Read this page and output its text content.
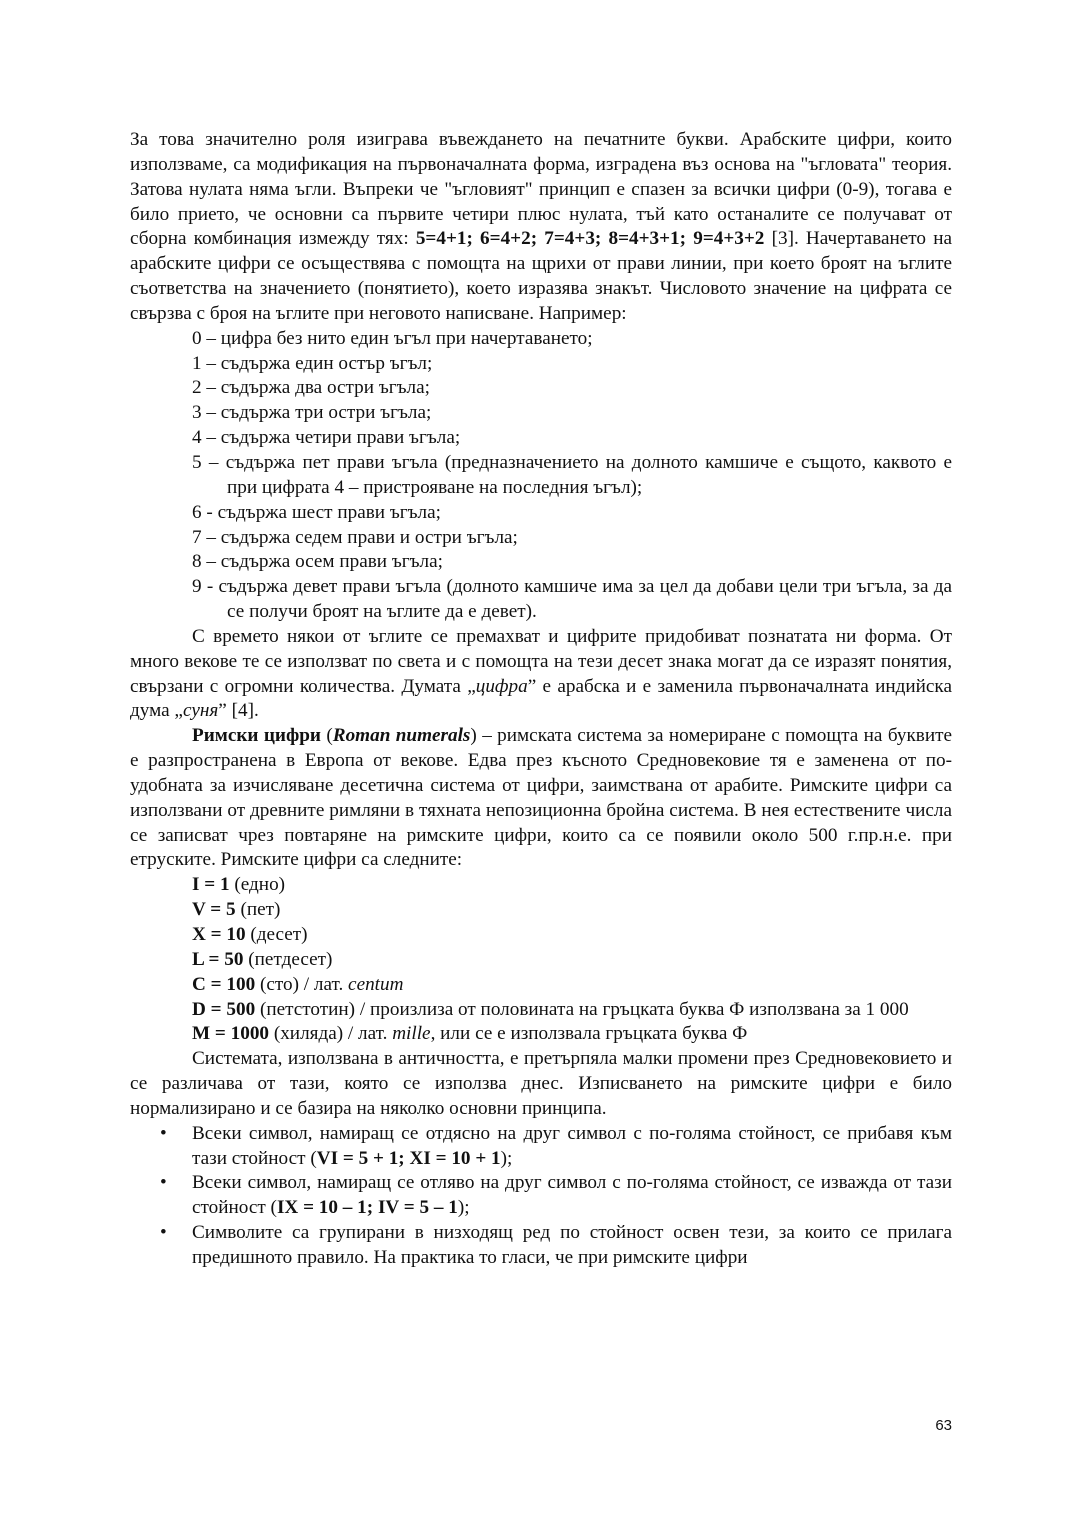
За това значително роля изиграва въвеждането на печатните букви. Арабските цифри, които използваме, са модификация на първоначалната форма, изградена въз основа на "ъгловата" теория. Затова нулата няма ъгли. Въпреки че "ъгловият" принцип е спазен за всички цифри (0-9), тогава е било прието, че основни са първите четири плюс нулата, тъй като останалите се получават от сборна комбинация измежду тях: 5=4+1; 6=4+2; 7=4+3; 8=4+3+1; 9=4+3+2 [3]. Начертаването на арабските цифри се осъществява с помощта на щрихи от прави линии, при което броят на ъглите съответства на значението (понятието), което изразява знакът. Числовото значение на цифрата се свързва с броя на ъглите при неговото написване. Например:

0 – цифра без нито един ъгъл при начертаването;

1 – съдържа един остър ъгъл;

2 – съдържа два остри ъгъла;

3 – съдържа три остри ъгъла;

4 – съдържа четири прави ъгъла;

5 – съдържа пет прави ъгъла (предназначението на долното камшиче е същото, каквото е при цифрата 4 – пристрояване на последния ъгъл);

6 - съдържа шест прави ъгъла;

7 – съдържа седем прави и остри ъгъла;

8 – съдържа осем прави ъгъла;

9 - съдържа девет прави ъгъла (долното камшиче има за цел да добави цели три ъгъла, за да се получи броят на ъглите да е девет).

С времето някои от ъглите се премахват и цифрите придобиват познатата ни форма. От много векове те се използват по света и с помощта на тези десет знака могат да се изразят понятия, свързани с огромни количества. Думата „цифра” е арабска и е заменила първоначалната индийска дума „суня” [4].

Римски цифри (Roman numerals) – римската система за номериране с помощта на буквите е разпространена в Европа от векове. Едва през късното Средновековие тя е заменена от по-удобната за изчисляване десетична система от цифри, заимствана от арабите. Римските цифри са използвани от древните римляни в тяхната непозиционна бройна система. В нея естествените числа се записват чрез повтаряне на римските цифри, които са се появили около 500 г.пр.н.е. при етруските. Римските цифри са следните:

I = 1 (едно)

V = 5 (пет)

X = 10 (десет)

L = 50 (петдесет)

C = 100 (сто) / лат. centum

D = 500 (петстотин) / произлиза от половината на гръцката буква Ф използвана за 1 000

M = 1000 (хиляда) / лат. mille, или се е използвала гръцката буква Ф

Системата, използвана в античността, е претърпяла малки промени през Средновековието и се различава от тази, която се използва днес. Изписването на римските цифри е било нормализирано и се базира на няколко основни принципа.

• Всеки символ, намиращ се отдясно на друг символ с по-голяма стойност, се прибавя към тази стойност (VI = 5 + 1; XI = 10 + 1);

• Всеки символ, намиращ се отляво на друг символ с по-голяма стойност, се изважда от тази стойност (IX = 10 – 1; IV = 5 – 1);

• Символите са групирани в низходящ ред по стойност освен тези, за които се прилага предишното правило. На практика то гласи, че при римските цифри

63
